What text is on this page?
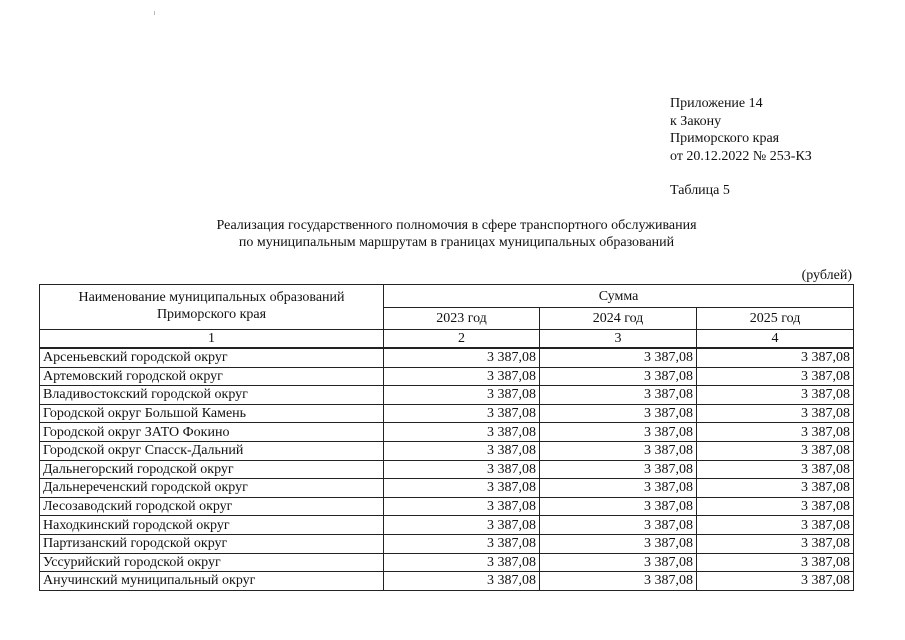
Приложение 14
к Закону
Приморского края
от 20.12.2022 № 253-КЗ
Таблица 5
Реализация государственного полномочия в сфере транспортного обслуживания
по муниципальным маршрутам в границах муниципальных образований
(рублей)
Наименование муниципальных образований
Приморского края	Сумма		
	2023 год	2024 год	2025 год
1	2	3	4
Арсеньевский городской округ	3 387,08	3 387,08	3 387,08
Артемовский городской округ	3 387,08	3 387,08	3 387,08
Владивостокский городской округ	3 387,08	3 387,08	3 387,08
Городской округ Большой Камень	3 387,08	3 387,08	3 387,08
Городской округ ЗАТО Фокино	3 387,08	3 387,08	3 387,08
Городской округ Спасск-Дальний	3 387,08	3 387,08	3 387,08
Дальнегорский городской округ	3 387,08	3 387,08	3 387,08
Дальнереченский городской округ	3 387,08	3 387,08	3 387,08
Лесозаводский городской округ	3 387,08	3 387,08	3 387,08
Находкинский городской округ	3 387,08	3 387,08	3 387,08
Партизанский городской округ	3 387,08	3 387,08	3 387,08
Уссурийский городской округ	3 387,08	3 387,08	3 387,08
Анучинский муниципальный округ	3 387,08	3 387,08	3 387,08
